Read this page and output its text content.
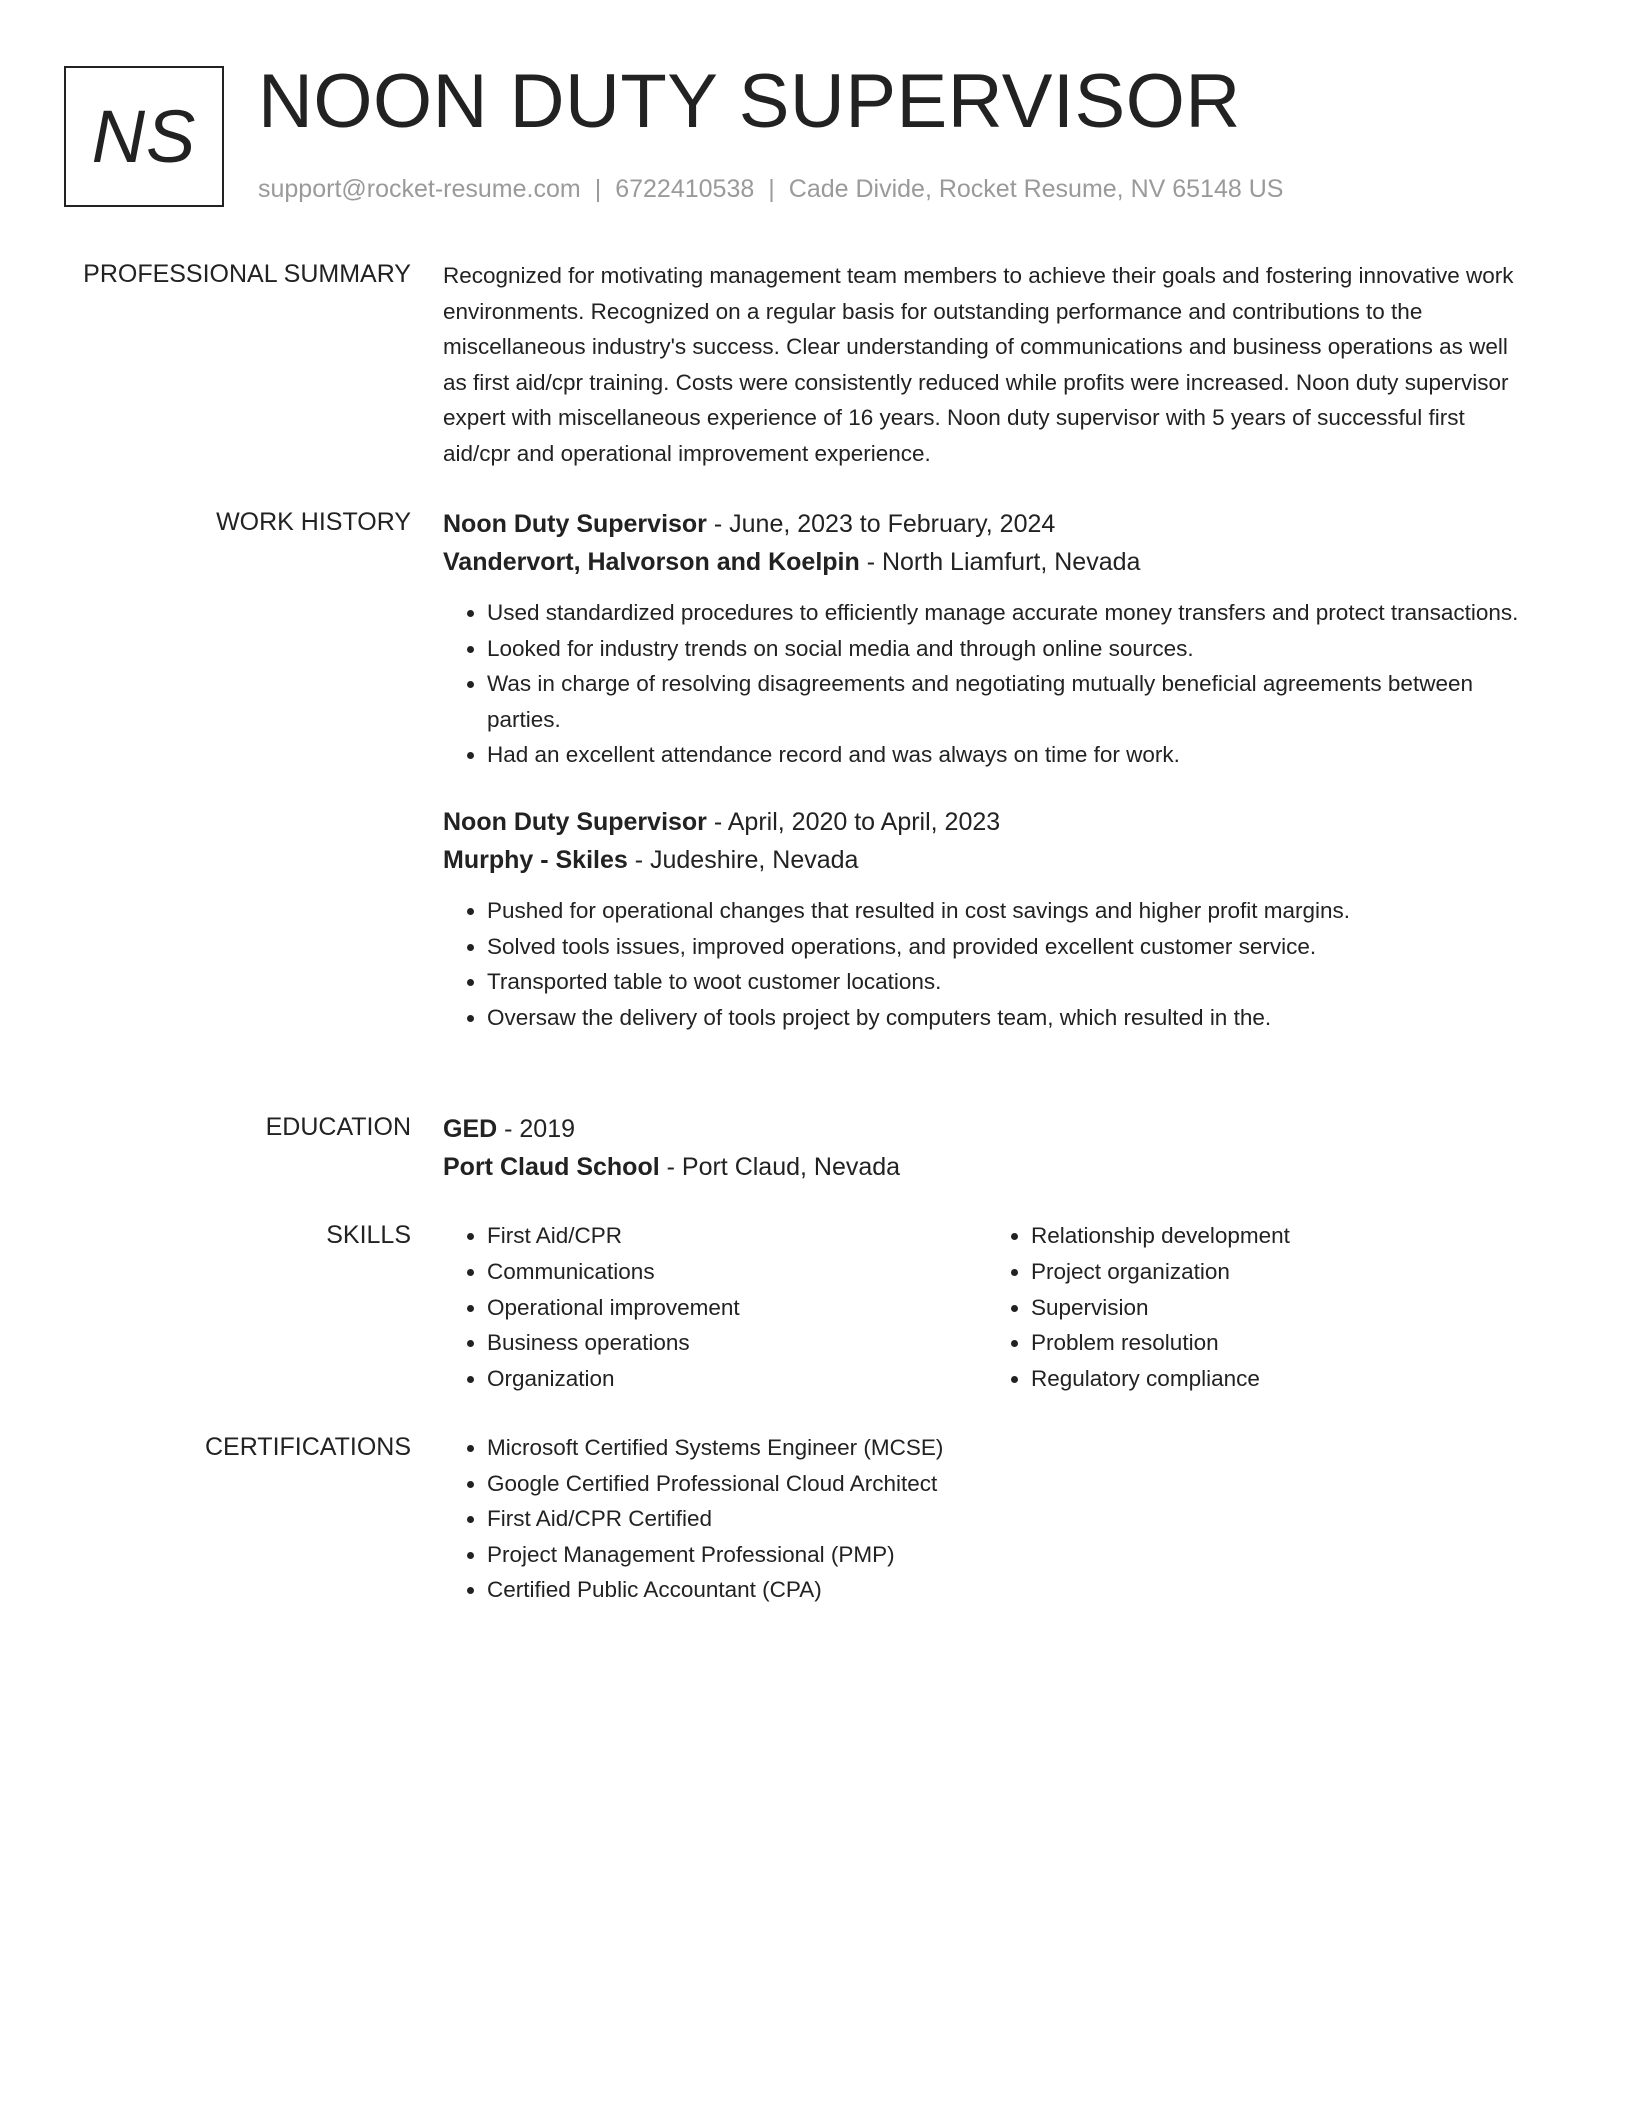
NS NOON DUTY SUPERVISOR
support@rocket-resume.com | 6722410538 | Cade Divide, Rocket Resume, NV 65148 US
PROFESSIONAL SUMMARY Recognized for motivating management team members to achieve their goals and fostering innovative work environments. Recognized on a regular basis for outstanding performance and contributions to the miscellaneous industry's success. Clear understanding of communications and business operations as well as first aid/cpr training. Costs were consistently reduced while profits were increased. Noon duty supervisor expert with miscellaneous experience of 16 years. Noon duty supervisor with 5 years of successful first aid/cpr and operational improvement experience.
WORK HISTORY Noon Duty Supervisor - June, 2023 to February, 2024
Vandervort, Halvorson and Koelpin - North Liamfurt, Nevada
• Used standardized procedures to efficiently manage accurate money transfers and protect transactions.
• Looked for industry trends on social media and through online sources.
• Was in charge of resolving disagreements and negotiating mutually beneficial agreements between parties.
• Had an excellent attendance record and was always on time for work.
Noon Duty Supervisor - April, 2020 to April, 2023
Murphy - Skiles - Judeshire, Nevada
• Pushed for operational changes that resulted in cost savings and higher profit margins.
• Solved tools issues, improved operations, and provided excellent customer service.
• Transported table to woot customer locations.
• Oversaw the delivery of tools project by computers team, which resulted in the.
EDUCATION GED - 2019
Port Claud School - Port Claud, Nevada
SKILLS	• First Aid/CPR
• Communications
• Operational improvement
• Business operations
• Organization
• Relationship development
• Project organization
• Supervision
• Problem resolution
• Regulatory compliance
CERTIFICATIONS	• Microsoft Certified Systems Engineer (MCSE)
• Google Certified Professional Cloud Architect
• First Aid/CPR Certified
• Project Management Professional (PMP)
• Certified Public Accountant (CPA)
